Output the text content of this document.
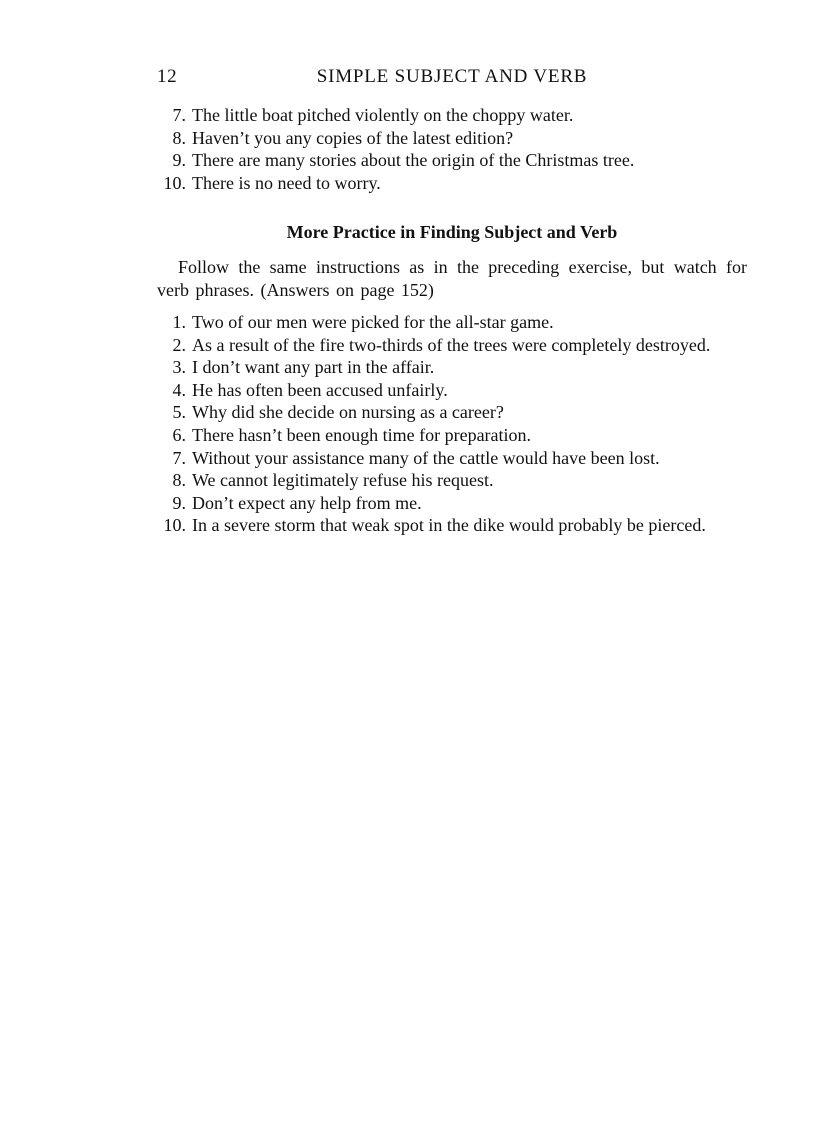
12	SIMPLE SUBJECT AND VERB
7. The little boat pitched violently on the choppy water.
8. Haven’t you any copies of the latest edition?
9. There are many stories about the origin of the Christmas tree.
10. There is no need to worry.
More Practice in Finding Subject and Verb

Follow the same instructions as in the preceding exercise, but watch for verb phrases. (Answers on page 152)

1. Two of our men were picked for the all-star game.
2. As a result of the fire two-thirds of the trees were completely destroyed.
3. I don’t want any part in the affair.
4. He has often been accused unfairly.
5. Why did she decide on nursing as a career?
6. There hasn’t been enough time for preparation.
7. Without your assistance many of the cattle would have been lost.
8. We cannot legitimately refuse his request.
9. Don’t expect any help from me.
10. In a severe storm that weak spot in the dike would probably be pierced.
